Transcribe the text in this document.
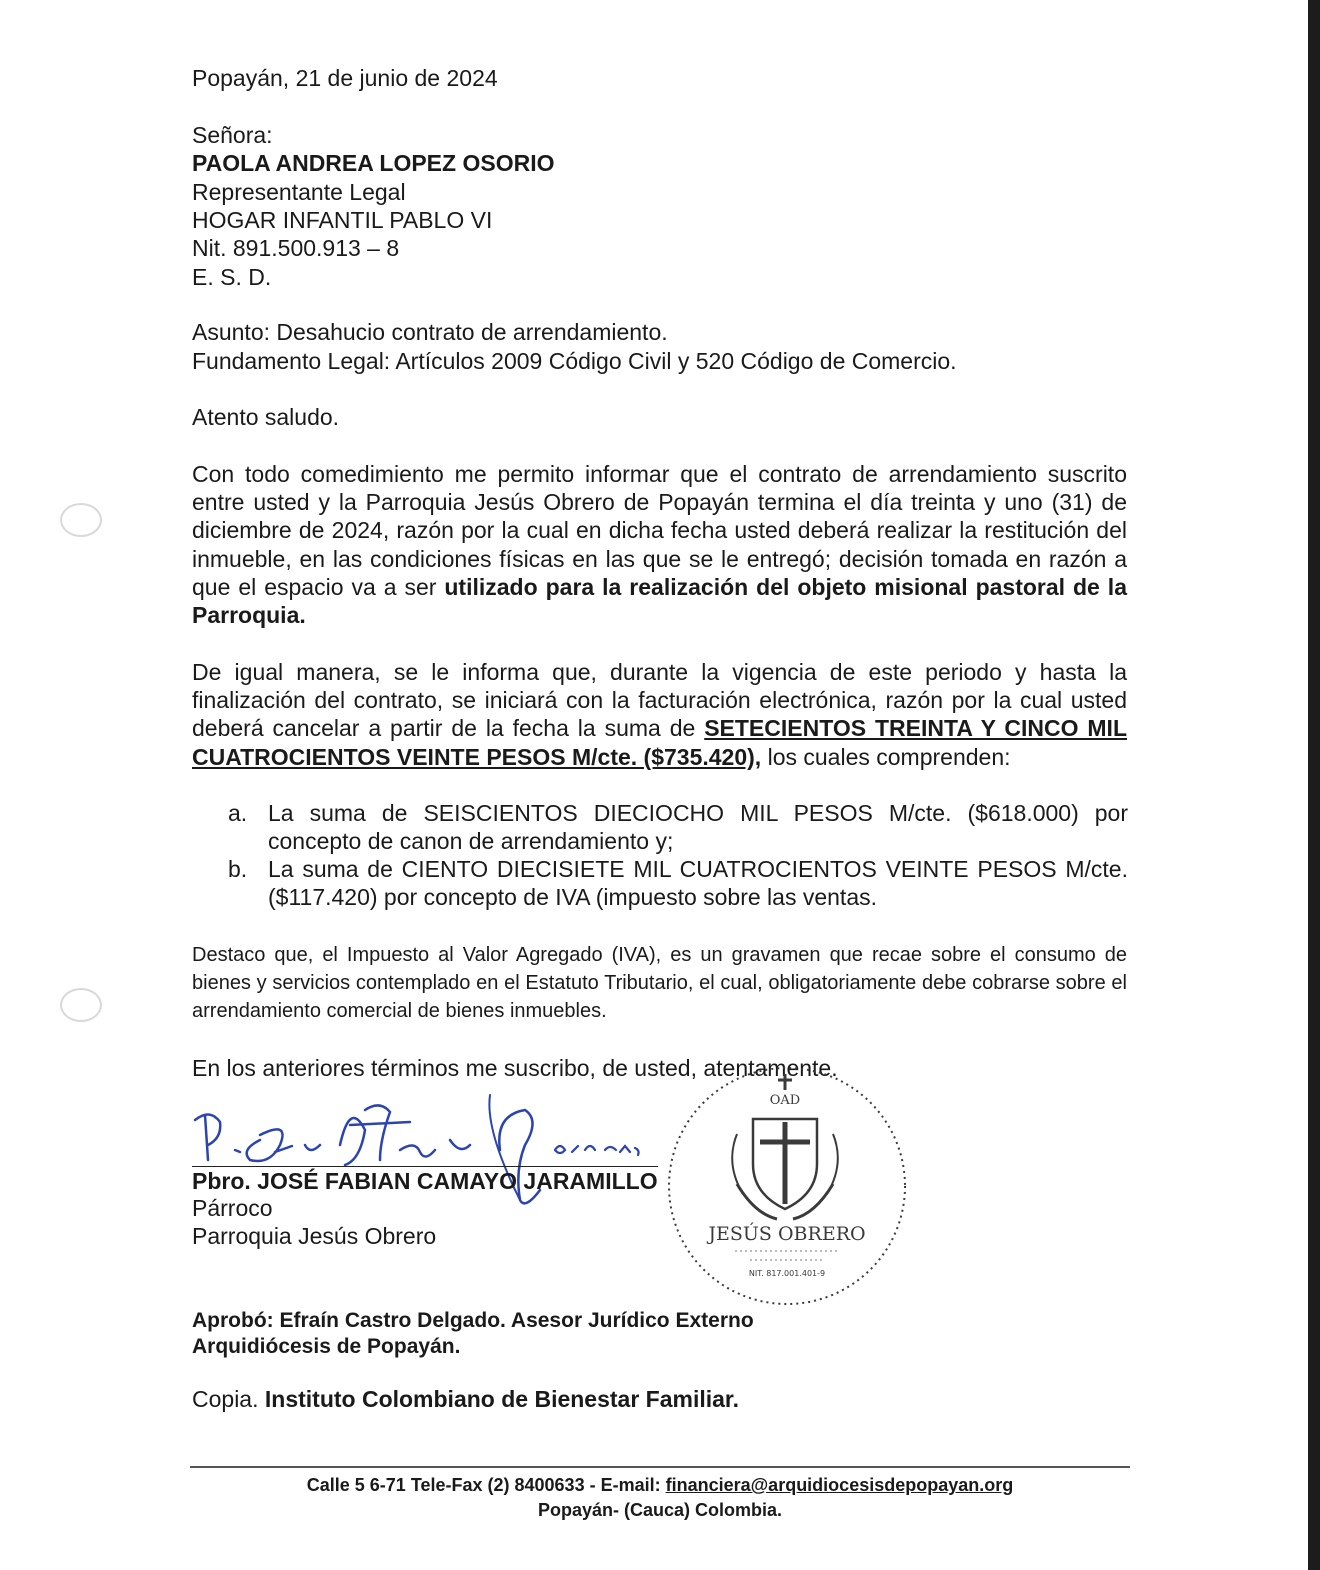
Popayán, 21 de junio de 2024
Señora:
PAOLA ANDREA LOPEZ OSORIO
Representante Legal
HOGAR INFANTIL PABLO VI
Nit. 891.500.913 – 8
E. S. D.
Asunto: Desahucio contrato de arrendamiento.
Fundamento Legal: Artículos 2009 Código Civil y 520 Código de Comercio.
Atento saludo.
Con todo comedimiento me permito informar que el contrato de arrendamiento suscrito entre usted y la Parroquia Jesús Obrero de Popayán termina el día treinta y uno (31) de diciembre de 2024, razón por la cual en dicha fecha usted deberá realizar la restitución del inmueble, en las condiciones físicas en las que se le entregó; decisión tomada en razón a que el espacio va a ser utilizado para la realización del objeto misional pastoral de la Parroquia.
De igual manera, se le informa que, durante la vigencia de este periodo y hasta la finalización del contrato, se iniciará con la facturación electrónica, razón por la cual usted deberá cancelar a partir de la fecha la suma de SETECIENTOS TREINTA Y CINCO MIL CUATROCIENTOS VEINTE PESOS M/cte. ($735.420), los cuales comprenden:
a. La suma de SEISCIENTOS DIECIOCHO MIL PESOS M/cte. ($618.000) por concepto de canon de arrendamiento y;
b. La suma de CIENTO DIECISIETE MIL CUATROCIENTOS VEINTE PESOS M/cte. ($117.420) por concepto de IVA (impuesto sobre las ventas.
Destaco que, el Impuesto al Valor Agregado (IVA), es un gravamen que recae sobre el consumo de bienes y servicios contemplado en el Estatuto Tributario, el cual, obligatoriamente debe cobrarse sobre el arrendamiento comercial de bienes inmuebles.
En los anteriores términos me suscribo, de usted, atentamente.
OAD
JESÚS OBRERO
NIT. 817.001.401-9
Pbro. JOSÉ FABIAN CAMAYO JARAMILLO
Párroco
Parroquia Jesús Obrero
Aprobó: Efraín Castro Delgado. Asesor Jurídico Externo
Arquidiócesis de Popayán.
Copia. Instituto Colombiano de Bienestar Familiar.
Calle 5 6-71 Tele-Fax (2) 8400633 - E-mail: financiera@arquidiocesisdepopayan.org
Popayán- (Cauca) Colombia.
